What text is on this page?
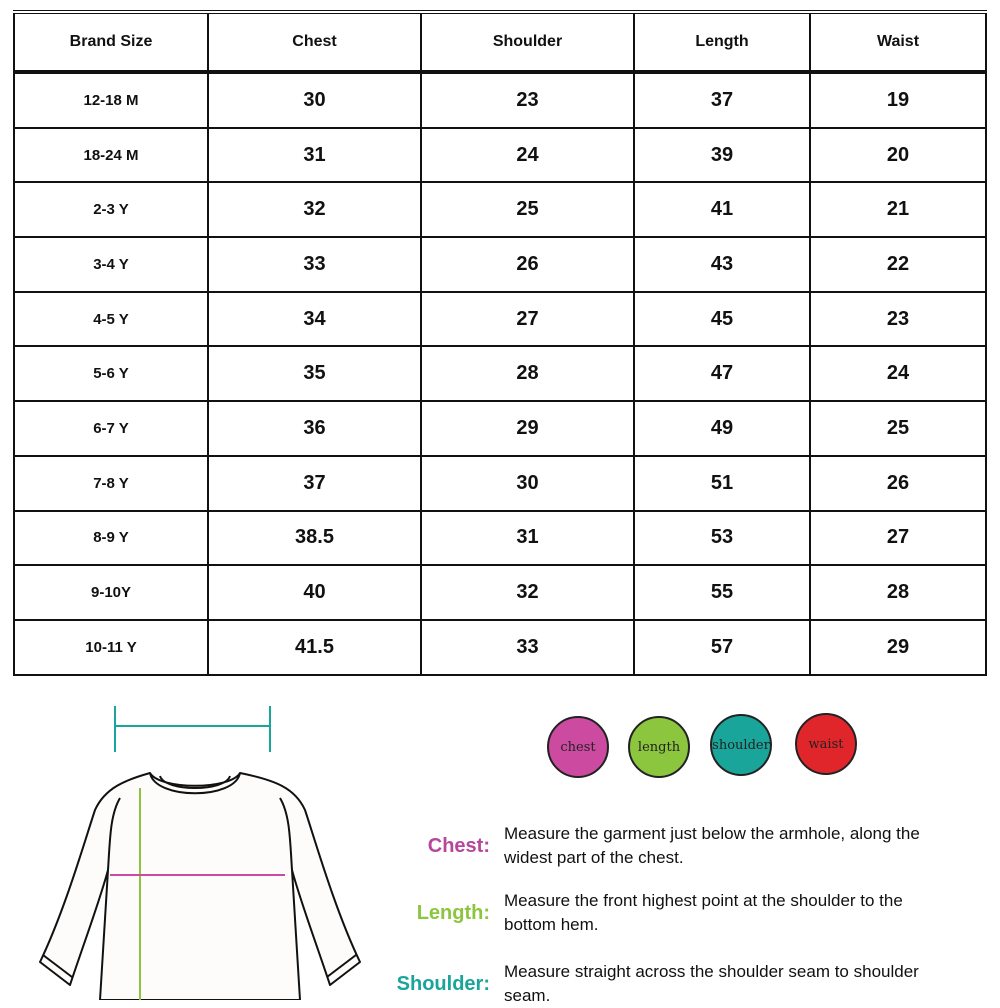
Brand Size	Chest	Shoulder	Length	Waist
12-18 M	30	23	37	19
18-24 M	31	24	39	20
2-3 Y	32	25	41	21
3-4 Y	33	26	43	22
4-5 Y	34	27	45	23
5-6 Y	35	28	47	24
6-7 Y	36	29	49	25
7-8 Y	37	30	51	26
8-9 Y	38.5	31	53	27
9-10Y	40	32	55	28
10-11 Y	41.5	33	57	29
chest	length shoulder	waist
Chest:
Measure the garment just below the armhole, along the widest part of the chest.
Length:
Measure the front highest point at the shoulder to the bottom hem.
Shoulder:
Measure straight across the shoulder seam to shoulder seam.
